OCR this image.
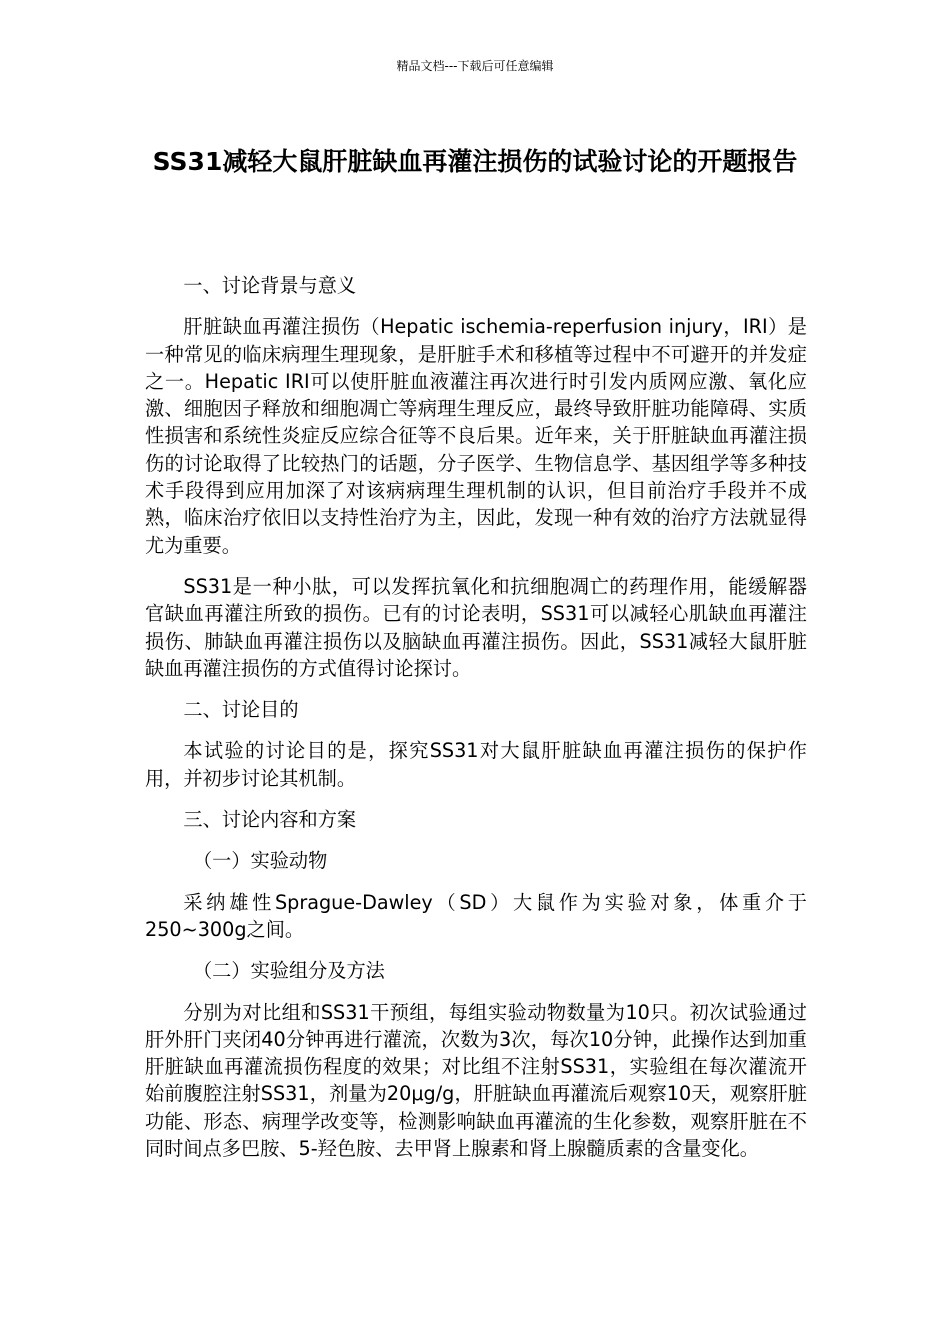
精品文档---下载后可任意编辑
SS31减轻大鼠肝脏缺血再灌注损伤的试验讨论的开题报告

一、讨论背景与意义

肝脏缺血再灌注损伤（Hepatic ischemia-reperfusion injury，IRI）是一种常见的临床病理生理现象，是肝脏手术和移植等过程中不可避开的并发症之一。Hepatic IRI可以使肝脏血液灌注再次进行时引发内质网应激、氧化应激、细胞因子释放和细胞凋亡等病理生理反应，最终导致肝脏功能障碍、实质性损害和系统性炎症反应综合征等不良后果。近年来，关于肝脏缺血再灌注损伤的讨论取得了比较热门的话题，分子医学、生物信息学、基因组学等多种技术手段得到应用加深了对该病病理生理机制的认识，但目前治疗手段并不成熟，临床治疗依旧以支持性治疗为主，因此，发现一种有效的治疗方法就显得尤为重要。

SS31是一种小肽，可以发挥抗氧化和抗细胞凋亡的药理作用，能缓解器官缺血再灌注所致的损伤。已有的讨论表明，SS31可以减轻心肌缺血再灌注损伤、肺缺血再灌注损伤以及脑缺血再灌注损伤。因此，SS31减轻大鼠肝脏缺血再灌注损伤的方式值得讨论探讨。

二、讨论目的

本试验的讨论目的是，探究SS31对大鼠肝脏缺血再灌注损伤的保护作用，并初步讨论其机制。

三、讨论内容和方案

（一）实验动物

采纳雄性Sprague-Dawley（SD）大鼠作为实验对象，体重介于250~300g之间。

（二）实验组分及方法

分别为对比组和SS31干预组，每组实验动物数量为10只。初次试验通过肝外肝门夹闭40分钟再进行灌流，次数为3次，每次10分钟，此操作达到加重肝脏缺血再灌流损伤程度的效果；对比组不注射SS31，实验组在每次灌流开始前腹腔注射SS31，剂量为20μg/g，肝脏缺血再灌流后观察10天，观察肝脏功能、形态、病理学改变等，检测影响缺血再灌流的生化参数，观察肝脏在不同时间点多巴胺、5-羟色胺、去甲肾上腺素和肾上腺髓质素的含量变化。
